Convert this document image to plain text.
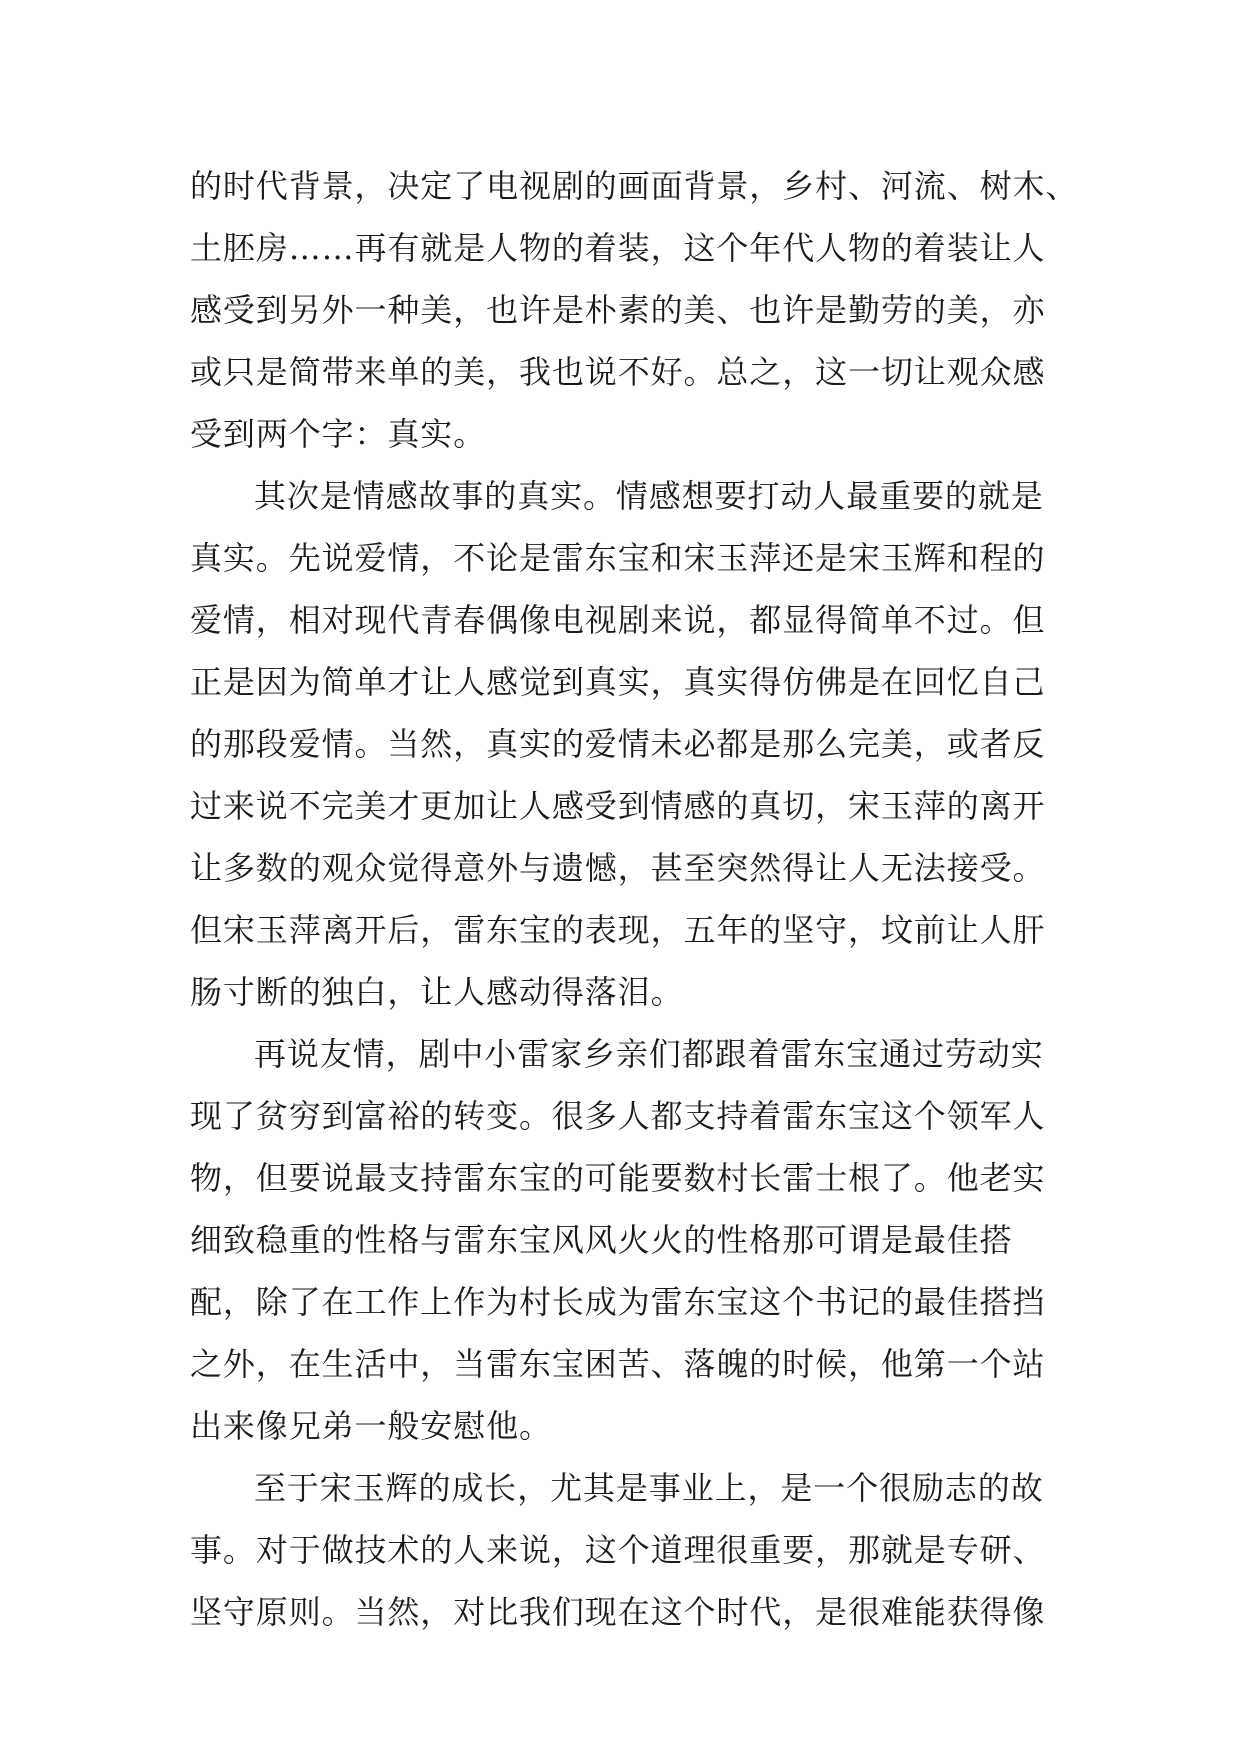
的时代背景，决定了电视剧的画面背景，乡村、河流、树木、
土胚房……再有就是人物的着装，这个年代人物的着装让人
感受到另外一种美，也许是朴素的美、也许是勤劳的美，亦
或只是简带来单的美，我也说不好。总之，这一切让观众感
受到两个字：真实。
其次是情感故事的真实。情感想要打动人最重要的就是
真实。先说爱情，不论是雷东宝和宋玉萍还是宋玉辉和程的
爱情，相对现代青春偶像电视剧来说，都显得简单不过。但
正是因为简单才让人感觉到真实，真实得仿佛是在回忆自己
的那段爱情。当然，真实的爱情未必都是那么完美，或者反
过来说不完美才更加让人感受到情感的真切，宋玉萍的离开
让多数的观众觉得意外与遗憾，甚至突然得让人无法接受。
但宋玉萍离开后，雷东宝的表现，五年的坚守，坟前让人肝
肠寸断的独白，让人感动得落泪。
再说友情，剧中小雷家乡亲们都跟着雷东宝通过劳动实
现了贫穷到富裕的转变。很多人都支持着雷东宝这个领军人
物，但要说最支持雷东宝的可能要数村长雷士根了。他老实
细致稳重的性格与雷东宝风风火火的性格那可谓是最佳搭
配，除了在工作上作为村长成为雷东宝这个书记的最佳搭挡
之外，在生活中，当雷东宝困苦、落魄的时候，他第一个站
出来像兄弟一般安慰他。
至于宋玉辉的成长，尤其是事业上，是一个很励志的故
事。对于做技术的人来说，这个道理很重要，那就是专研、
坚守原则。当然，对比我们现在这个时代，是很难能获得像
